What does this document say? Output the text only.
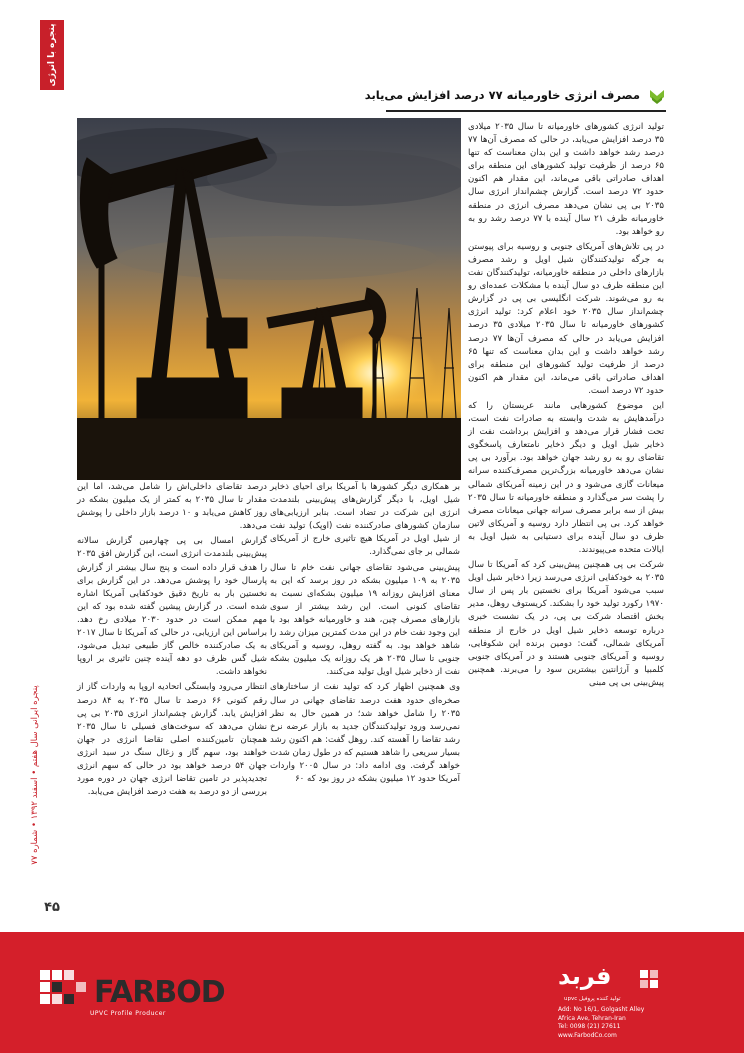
پنجره‌ با انرژی
مصرف انرژی خاورمیانه ۷۷ درصد افزایش می‌یابد

تولید انرژی کشورهای خاورمیانه تا سال ۲۰۳۵ میلادی ۳۵ درصد افزایش می‌یابد، در حالی که مصرف آن‌ها ۷۷ درصد رشد خواهد داشت و این بدان معناست که تنها ۶۵ درصد از ظرفیت تولید کشورهای این منطقه برای اهداف صادراتی باقی می‌ماند، این مقدار هم اکنون حدود ۷۲ درصد است. گزارش چشم‌انداز انرژی سال ۲۰۳۵ بی پی نشان می‌دهد مصرف انرژی در منطقه خاورمیانه ظرف ۲۱ سال آینده با ۷۷ درصد رشد رو به رو خواهد بود.

در پی تلاش‌های آمریکای جنوبی و روسیه برای پیوستن به جرگه تولیدکنندگان شیل اویل و رشد مصرف بازارهای داخلی در منطقه خاورمیانه، تولیدکنندگان نفت این منطقه ظرف دو سال آینده با مشکلات عمده‌ای رو به رو می‌شوند. شرکت انگلیسی بی پی در گزارش چشم‌انداز سال ۲۰۳۵ خود اعلام کرد: تولید انرژی کشورهای خاورمیانه تا سال ۲۰۳۵ میلادی ۳۵ درصد افزایش می‌یابد در حالی که مصرف آن‌ها ۷۷ درصد رشد خواهد داشت و این بدان معناست که تنها ۶۵ درصد از ظرفیت تولید کشورهای این منطقه برای اهداف صادراتی باقی می‌ماند، این مقدار هم اکنون حدود ۷۲ درصد است.

این موضوع کشورهایی مانند عربستان را که درآمدهایش به شدت وابسته به صادرات نفت است، تحت فشار قرار می‌دهد و افزایش برداشت نفت از ذخایر شیل اویل و دیگر ذخایر نامتعارف پاسخگوی تقاضای رو به رو رشد جهان خواهد بود. برآورد بی پی نشان می‌دهد خاورمیانه بزرگ‌ترین مصرف‌کننده سرانه میعانات گازی می‌شود و در این زمینه آمریکای شمالی را پشت سر می‌گذارد و منطقه خاورمیانه تا سال ۲۰۳۵ بیش از سه برابر مصرف سرانه جهانی میعانات مصرف خواهد کرد. بی پی انتظار دارد روسیه و آمریکای لاتین ظرف دو سال آینده برای دستیابی به شیل اویل به ایالات متحده می‌پیوندند.

شرکت بی پی همچنین پیش‌بینی کرد که آمریکا تا سال ۲۰۳۵ به خودکفایی انرژی می‌رسد زیرا ذخایر شیل اویل سبب می‌شود آمریکا برای نخستین بار پس از سال ۱۹۷۰ رکورد تولید خود را بشکند. کریستوف روهل، مدیر بخش اقتصاد شرکت بی پی، در یک نشست خبری درباره توسعه ذخایر شیل اویل در خارج از منطقه آمریکای شمالی، گفت: دومین برنده این شکوفایی، روسیه و آمریکای جنوبی هستند و در آمریکای جنوبی کلمبیا و آرژانتین بیشترین سود را می‌برند. همچنین پیش‌بینی بی پی مبنی

بر همکاری دیگر کشورها با آمریکا برای احیای ذخایر شیل اویل، با دیگر گزارش‌های پیش‌بینی بلندمدت انرژی این شرکت در تضاد است. بنابر ارزیابی‌های سازمان کشورهای صادرکننده نفت (اوپک) تولید نفت از شیل اویل در آمریکا هیچ تاثیری خارج از آمریکای شمالی بر جای نمی‌گذارد.

پیش‌بینی می‌شود تقاضای جهانی نفت خام تا سال ۲۰۳۵ به ۱۰۹ میلیون بشکه در روز برسد که این به معنای افزایش روزانه ۱۹ میلیون بشکه‌ای نسبت به تقاضای کنونی است. این رشد بیشتر از سوی بازارهای مصرف چین، هند و خاورمیانه خواهد بود با این وجود نفت خام در این مدت کمترین میزان رشد را شاهد خواهد بود. به گفته روهل، روسیه و آمریکای جنوبی تا سال ۲۰۳۵ هر یک روزانه یک میلیون بشکه نفت از ذخایر شیل اویل تولید می‌کنند.

وی همچنین اظهار کرد که تولید نفت از ساختارهای صخره‌ای حدود هفت درصد تقاضای جهانی در سال ۲۰۳۵ را شامل خواهد شد؛ در همین حال به نظر نمی‌رسد ورود تولیدکنندگان جدید به بازار عرضه نرخ رشد تقاضا را آهسته کند. روهل گفت: هم اکنون رشد بسیار سریعی را شاهد هستیم که در طول زمان شدت خواهد گرفت. وی ادامه داد: در سال ۲۰۰۵ واردات آمریکا حدود ۱۲ میلیون بشکه در روز بود که ۶۰

درصد تقاضای داخلی‌اش را شامل می‌شد، اما این مقدار تا سال ۲۰۳۵ به کمتر از یک میلیون بشکه در روز کاهش می‌یابد و ۱۰ درصد بازار داخلی را پوشش می‌دهد.

گزارش امسال بی پی چهارمین گزارش سالانه پیش‌بینی بلندمدت انرژی است، این گزارش افق ۲۰۳۵ را هدف قرار داده است و پنج سال بیشتر از گزارش پارسال خود را پوشش می‌دهد. در این گزارش برای نخستین بار به تاریخ دقیق خودکفایی آمریکا اشاره شده است. در گزارش پیشین گفته شده بود که این مهم ممکن است در حدود ۲۰۳۰ میلادی رخ دهد. براساس این ارزیابی، در حالی که آمریکا تا سال ۲۰۱۷ به یک صادرکننده خالص گاز طبیعی تبدیل می‌شود، شیل گس ظرف دو دهه آینده چنین تاثیری بر اروپا نخواهد داشت.

انتظار می‌رود وابستگی اتحادیه اروپا به واردات گاز از رقم کنونی ۶۶ درصد تا سال ۲۰۳۵ به ۸۴ درصد افزایش یابد. گزارش چشم‌انداز انرژی ۲۰۳۵ بی پی نشان می‌دهد که سوخت‌های فسیلی تا سال ۲۰۳۵ همچنان تامین‌کننده اصلی تقاضا انرژی در جهان خواهند بود، سهم گاز و زغال سنگ در سبد انرژی جهان ۵۴ درصد خواهد بود در حالی که سهم انرژی تجدیدپذیر در تامین تقاضا انرژی جهان در دوره مورد بررسی از دو درصد به هفت درصد افزایش می‌یابد.

پنجره ایرانی سال هفتم • اسفند ۱۳۹۲ • شماره ۷۷
۴۵
FARBOD
UPVC Profile Producer
فربد
تولید کننده پروفیل upvc
Add: No 16/1, Golgasht Alley
Africa Ave, Tehran-Iran
Tel: 0098 (21) 27611
www.FarbodCo.com
